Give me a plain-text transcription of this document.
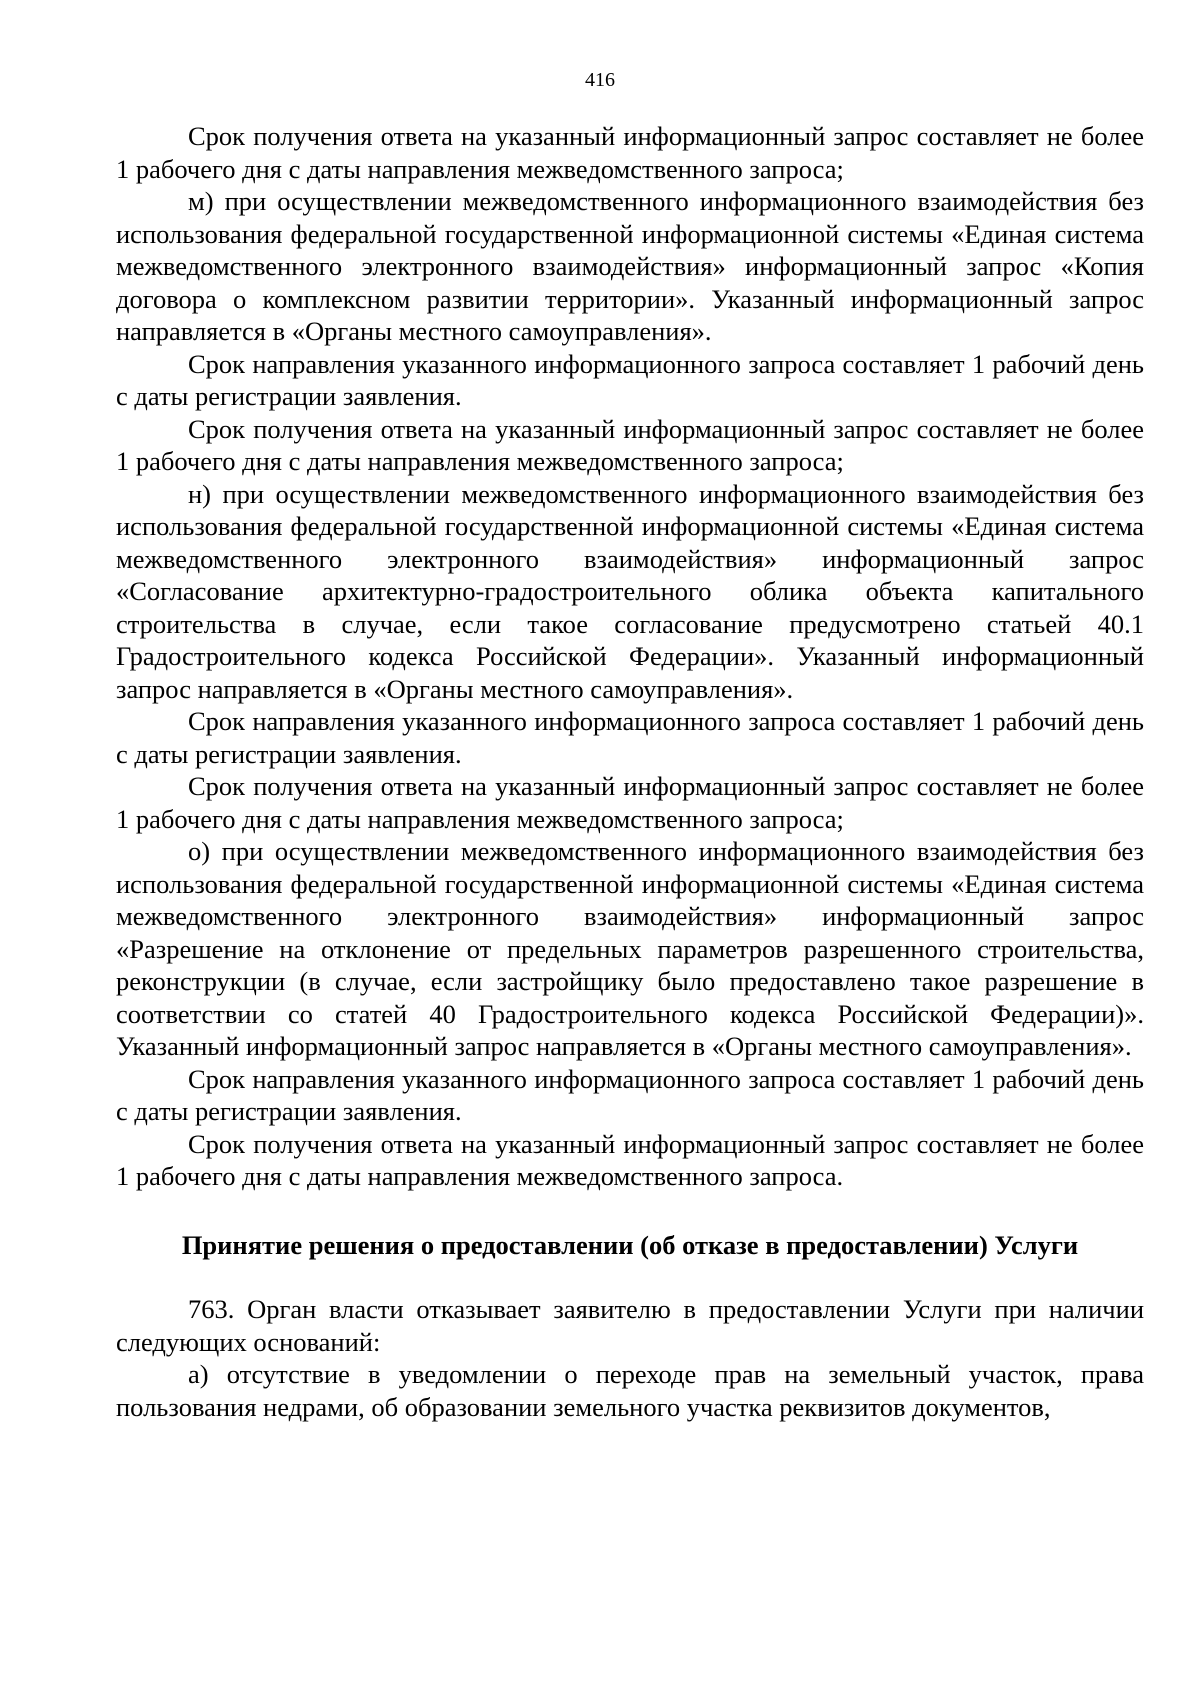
416

Срок получения ответа на указанный информационный запрос составляет не более 1 рабочего дня с даты направления межведомственного запроса;

м) при осуществлении межведомственного информационного взаимодействия без использования федеральной государственной информационной системы «Единая система межведомственного электронного взаимодействия» информационный запрос «Копия договора о комплексном развитии территории». Указанный информационный запрос направляется в «Органы местного самоуправления».

Срок направления указанного информационного запроса составляет 1 рабочий день с даты регистрации заявления.

Срок получения ответа на указанный информационный запрос составляет не более 1 рабочего дня с даты направления межведомственного запроса;

н) при осуществлении межведомственного информационного взаимодействия без использования федеральной государственной информационной системы «Единая система межведомственного электронного взаимодействия» информационный запрос «Согласование архитектурно-градостроительного облика объекта капитального строительства в случае, если такое согласование предусмотрено статьей 40.1 Градостроительного кодекса Российской Федерации». Указанный информационный запрос направляется в «Органы местного самоуправления».

Срок направления указанного информационного запроса составляет 1 рабочий день с даты регистрации заявления.

Срок получения ответа на указанный информационный запрос составляет не более 1 рабочего дня с даты направления межведомственного запроса;

о) при осуществлении межведомственного информационного взаимодействия без использования федеральной государственной информационной системы «Единая система межведомственного электронного взаимодействия» информационный запрос «Разрешение на отклонение от предельных параметров разрешенного строительства, реконструкции (в случае, если застройщику было предоставлено такое разрешение в соответствии со статей 40 Градостроительного кодекса Российской Федерации)». Указанный информационный запрос направляется в «Органы местного самоуправления».

Срок направления указанного информационного запроса составляет 1 рабочий день с даты регистрации заявления.

Срок получения ответа на указанный информационный запрос составляет не более 1 рабочего дня с даты направления межведомственного запроса.

Принятие решения о предоставлении (об отказе в предоставлении) Услуги

763. Орган власти отказывает заявителю в предоставлении Услуги при наличии следующих оснований:

а) отсутствие в уведомлении о переходе прав на земельный участок, права пользования недрами, об образовании земельного участка реквизитов документов,
